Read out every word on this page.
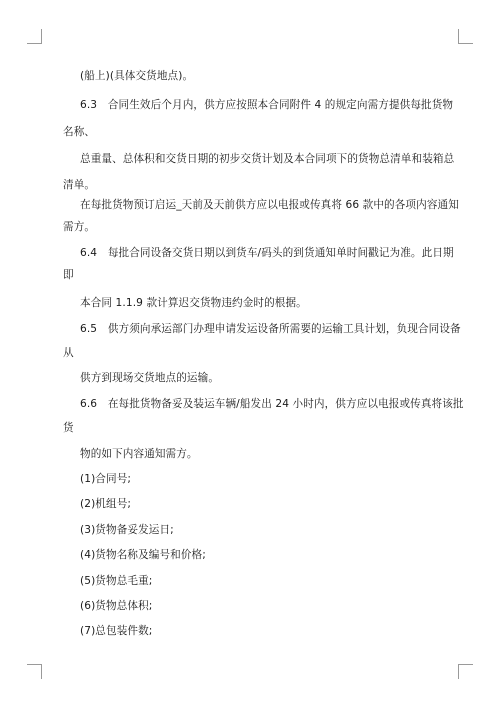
(船上)(具体交货地点)。
6.3　合同生效后个月内，供方应按照本合同附件 4 的规定向需方提供每批货物
名称、
总重量、总体积和交货日期的初步交货计划及本合同项下的货物总清单和装箱总
清单。
在每批货物预订启运_天前及天前供方应以电报或传真将 66 款中的各项内容通知
需方。
6.4　每批合同设备交货日期以到货车/码头的到货通知单时间戳记为准。此日期
即
本合同 1.1.9 款计算迟交货物违约金时的根据。
6.5　供方须向承运部门办理申请发运设备所需要的运输工具计划，负现合同设备
从
供方到现场交货地点的运输。
6.6　在每批货物备妥及装运车辆/船发出 24 小时内，供方应以电报或传真将该批
货
物的如下内容通知需方。
(1)合同号;
(2)机组号;
(3)货物备妥发运日;
(4)货物名称及编号和价格;
(5)货物总毛重;
(6)货物总体积;
(7)总包装件数;
